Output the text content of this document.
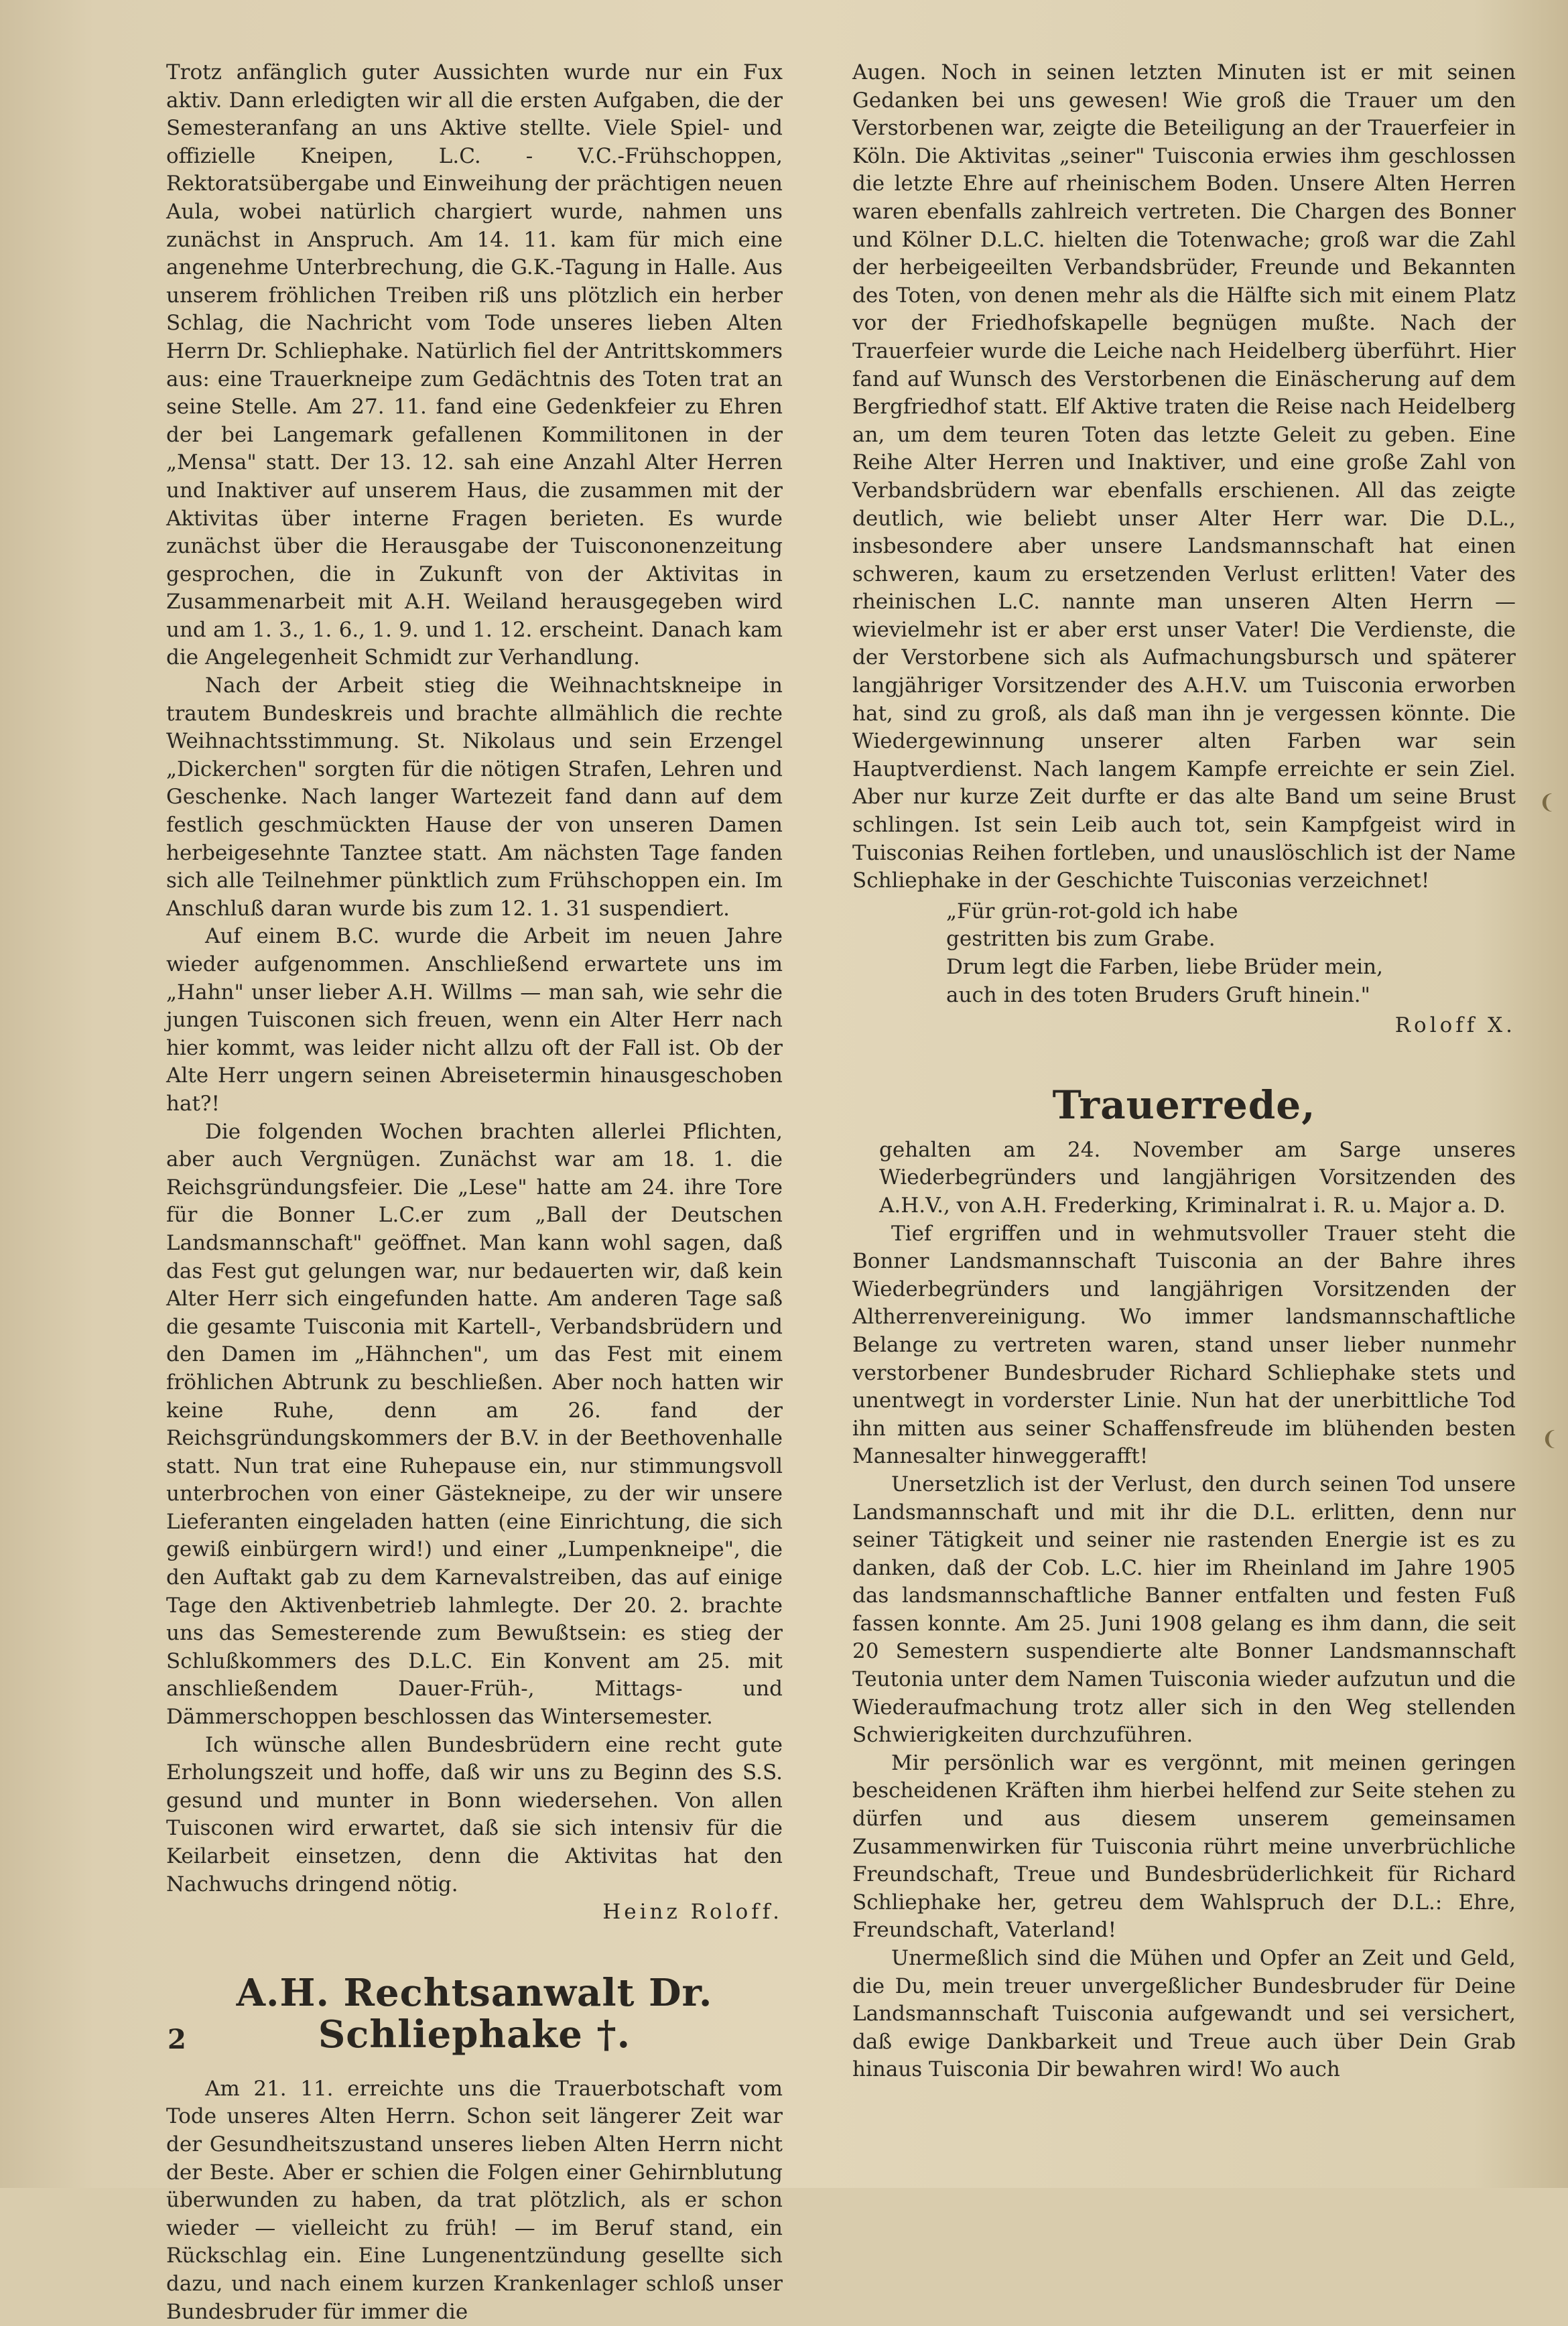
Trotz anfänglich guter Aussichten wurde nur ein Fux aktiv. Dann erledigten wir all die ersten Aufgaben, die der Semesteranfang an uns Aktive stellte. Viele Spiel- und offizielle Kneipen, L.C. - V.C.-Frühschoppen, Rektoratsübergabe und Einweihung der prächtigen neuen Aula, wobei natürlich chargiert wurde, nahmen uns zunächst in Anspruch. Am 14. 11. kam für mich eine angenehme Unterbrechung, die G.K.-Tagung in Halle. Aus unserem fröhlichen Treiben riß uns plötzlich ein herber Schlag, die Nachricht vom Tode unseres lieben Alten Herrn Dr. Schliephake. Natürlich fiel der Antrittskommers aus: eine Trauerkneipe zum Gedächtnis des Toten trat an seine Stelle. Am 27. 11. fand eine Gedenkfeier zu Ehren der bei Langemark gefallenen Kommilitonen in der „Mensa" statt. Der 13. 12. sah eine Anzahl Alter Herren und Inaktiver auf unserem Haus, die zusammen mit der Aktivitas über interne Fragen berieten. Es wurde zunächst über die Herausgabe der Tuiscononenzeitung gesprochen, die in Zukunft von der Aktivitas in Zusammenarbeit mit A.H. Weiland herausgegeben wird und am 1. 3., 1. 6., 1. 9. und 1. 12. erscheint. Danach kam die Angelegenheit Schmidt zur Verhandlung.

Nach der Arbeit stieg die Weihnachtskneipe in trautem Bundeskreis und brachte allmählich die rechte Weihnachtsstimmung. St. Nikolaus und sein Erzengel „Dickerchen" sorgten für die nötigen Strafen, Lehren und Geschenke. Nach langer Wartezeit fand dann auf dem festlich geschmückten Hause der von unseren Damen herbeigesehnte Tanztee statt. Am nächsten Tage fanden sich alle Teilnehmer pünktlich zum Frühschoppen ein. Im Anschluß daran wurde bis zum 12. 1. 31 suspendiert.

Auf einem B.C. wurde die Arbeit im neuen Jahre wieder aufgenommen. Anschließend erwartete uns im „Hahn" unser lieber A.H. Willms — man sah, wie sehr die jungen Tuisconen sich freuen, wenn ein Alter Herr nach hier kommt, was leider nicht allzu oft der Fall ist. Ob der Alte Herr ungern seinen Abreisetermin hinausgeschoben hat?!

Die folgenden Wochen brachten allerlei Pflichten, aber auch Vergnügen. Zunächst war am 18. 1. die Reichsgründungsfeier. Die „Lese" hatte am 24. ihre Tore für die Bonner L.C.er zum „Ball der Deutschen Landsmannschaft" geöffnet. Man kann wohl sagen, daß das Fest gut gelungen war, nur bedauerten wir, daß kein Alter Herr sich eingefunden hatte. Am anderen Tage saß die gesamte Tuisconia mit Kartell-, Verbandsbrüdern und den Damen im „Hähnchen", um das Fest mit einem fröhlichen Abtrunk zu beschließen. Aber noch hatten wir keine Ruhe, denn am 26. fand der Reichsgründungskommers der B.V. in der Beethovenhalle statt. Nun trat eine Ruhepause ein, nur stimmungsvoll unterbrochen von einer Gästekneipe, zu der wir unsere Lieferanten eingeladen hatten (eine Einrichtung, die sich gewiß einbürgern wird!) und einer „Lumpenkneipe", die den Auftakt gab zu dem Karnevalstreiben, das auf einige Tage den Aktivenbetrieb lahmlegte. Der 20. 2. brachte uns das Semesterende zum Bewußtsein: es stieg der Schlußkommers des D.L.C. Ein Konvent am 25. mit anschließendem Dauer-Früh-, Mittags- und Dämmerschoppen beschlossen das Wintersemester.

Ich wünsche allen Bundesbrüdern eine recht gute Erholungszeit und hoffe, daß wir uns zu Beginn des S.S. gesund und munter in Bonn wiedersehen. Von allen Tuisconen wird erwartet, daß sie sich intensiv für die Keilarbeit einsetzen, denn die Aktivitas hat den Nachwuchs dringend nötig.

Heinz Roloff.

A.H. Rechtsanwalt Dr. Schliephake †.

Am 21. 11. erreichte uns die Trauerbotschaft vom Tode unseres Alten Herrn. Schon seit längerer Zeit war der Gesundheitszustand unseres lieben Alten Herrn nicht der Beste. Aber er schien die Folgen einer Gehirnblutung überwunden zu haben, da trat plötzlich, als er schon wieder — vielleicht zu früh! — im Beruf stand, ein Rückschlag ein. Eine Lungenentzündung gesellte sich dazu, und nach einem kurzen Krankenlager schloß unser Bundesbruder für immer die

Augen. Noch in seinen letzten Minuten ist er mit seinen Gedanken bei uns gewesen! Wie groß die Trauer um den Verstorbenen war, zeigte die Beteiligung an der Trauerfeier in Köln. Die Aktivitas „seiner" Tuisconia erwies ihm geschlossen die letzte Ehre auf rheinischem Boden. Unsere Alten Herren waren ebenfalls zahlreich vertreten. Die Chargen des Bonner und Kölner D.L.C. hielten die Totenwache; groß war die Zahl der herbeigeeilten Verbandsbrüder, Freunde und Bekannten des Toten, von denen mehr als die Hälfte sich mit einem Platz vor der Friedhofskapelle begnügen mußte. Nach der Trauerfeier wurde die Leiche nach Heidelberg überführt. Hier fand auf Wunsch des Verstorbenen die Einäscherung auf dem Bergfriedhof statt. Elf Aktive traten die Reise nach Heidelberg an, um dem teuren Toten das letzte Geleit zu geben. Eine Reihe Alter Herren und Inaktiver, und eine große Zahl von Verbandsbrüdern war ebenfalls erschienen. All das zeigte deutlich, wie beliebt unser Alter Herr war. Die D.L., insbesondere aber unsere Landsmannschaft hat einen schweren, kaum zu ersetzenden Verlust erlitten! Vater des rheinischen L.C. nannte man unseren Alten Herrn — wievielmehr ist er aber erst unser Vater! Die Verdienste, die der Verstorbene sich als Aufmachungsbursch und späterer langjähriger Vorsitzender des A.H.V. um Tuisconia erworben hat, sind zu groß, als daß man ihn je vergessen könnte. Die Wiedergewinnung unserer alten Farben war sein Hauptverdienst. Nach langem Kampfe erreichte er sein Ziel. Aber nur kurze Zeit durfte er das alte Band um seine Brust schlingen. Ist sein Leib auch tot, sein Kampfgeist wird in Tuisconias Reihen fortleben, und unauslöschlich ist der Name Schliephake in der Geschichte Tuisconias verzeichnet!

„Für grün-rot-gold ich habe
gestritten bis zum Grabe.
Drum legt die Farben, liebe Brüder mein,
auch in des toten Bruders Gruft hinein."

Roloff X.

Trauerrede,

gehalten am 24. November am Sarge unseres Wiederbegründers und langjährigen Vorsitzenden des A.H.V., von A.H. Frederking, Kriminalrat i. R. u. Major a. D.

Tief ergriffen und in wehmutsvoller Trauer steht die Bonner Landsmannschaft Tuisconia an der Bahre ihres Wiederbegründers und langjährigen Vorsitzenden der Altherrenvereinigung. Wo immer landsmannschaftliche Belange zu vertreten waren, stand unser lieber nunmehr verstorbener Bundesbruder Richard Schliephake stets und unentwegt in vorderster Linie. Nun hat der unerbittliche Tod ihn mitten aus seiner Schaffensfreude im blühenden besten Mannesalter hinweggerafft!

Unersetzlich ist der Verlust, den durch seinen Tod unsere Landsmannschaft und mit ihr die D.L. erlitten, denn nur seiner Tätigkeit und seiner nie rastenden Energie ist es zu danken, daß der Cob. L.C. hier im Rheinland im Jahre 1905 das landsmannschaftliche Banner entfalten und festen Fuß fassen konnte. Am 25. Juni 1908 gelang es ihm dann, die seit 20 Semestern suspendierte alte Bonner Landsmannschaft Teutonia unter dem Namen Tuisconia wieder aufzutun und die Wiederaufmachung trotz aller sich in den Weg stellenden Schwierigkeiten durchzuführen.

Mir persönlich war es vergönnt, mit meinen geringen bescheidenen Kräften ihm hierbei helfend zur Seite stehen zu dürfen und aus diesem unserem gemeinsamen Zusammenwirken für Tuisconia rührt meine unverbrüchliche Freundschaft, Treue und Bundesbrüderlichkeit für Richard Schliephake her, getreu dem Wahlspruch der D.L.: Ehre, Freundschaft, Vaterland!

Unermeßlich sind die Mühen und Opfer an Zeit und Geld, die Du, mein treuer unvergeßlicher Bundesbruder für Deine Landsmannschaft Tuisconia aufgewandt und sei versichert, daß ewige Dankbarkeit und Treue auch über Dein Grab hinaus Tuisconia Dir bewahren wird! Wo auch

2
❨
❨
